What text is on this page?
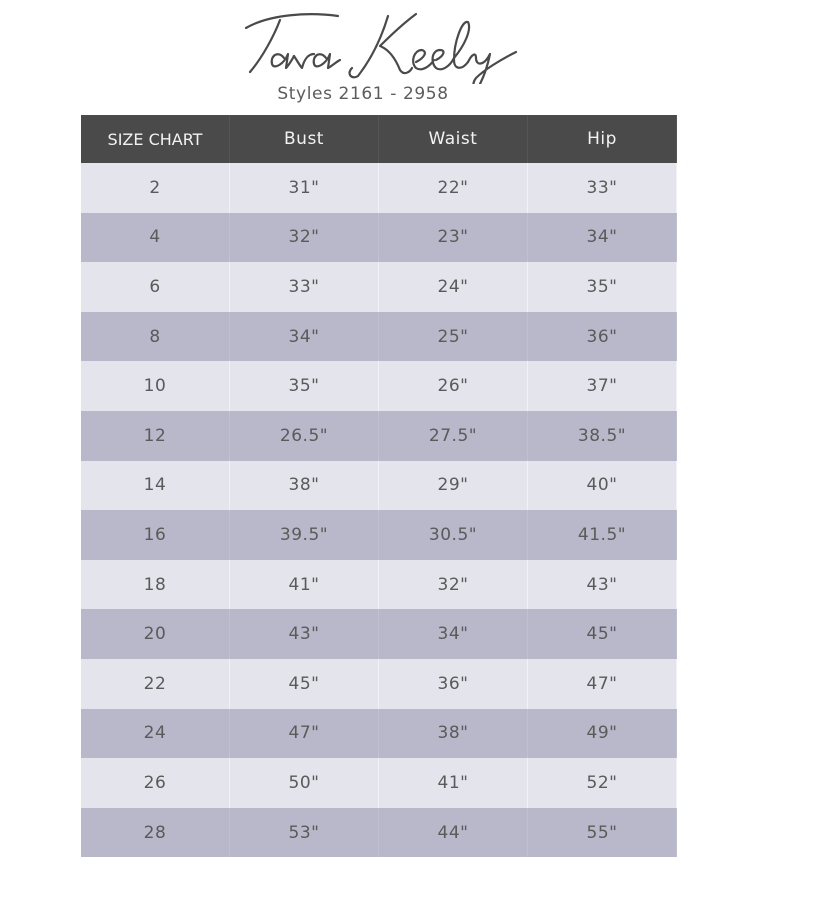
Styles 2161 - 2958
SIZE CHART	Bust	Waist	Hip
2	31"	22"	33"
4	32"	23"	34"
6	33"	24"	35"
8	34"	25"	36"
10	35"	26"	37"
12	26.5"	27.5"	38.5"
14	38"	29"	40"
16	39.5"	30.5"	41.5"
18	41"	32"	43"
20	43"	34"	45"
22	45"	36"	47"
24	47"	38"	49"
26	50"	41"	52"
28	53"	44"	55"
